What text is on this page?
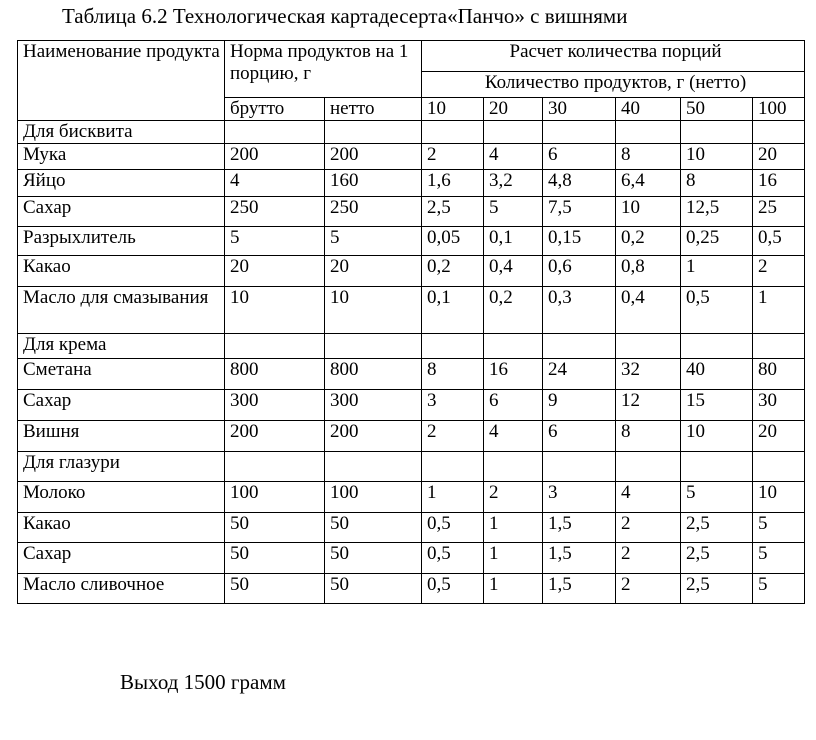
Таблица 6.2 Технологическая картадесерта«Панчо» с вишнями
Наименование продукта	Норма продуктов на 1 порцию, г		Расчет количества порций					
			Количество продуктов, г (нетто)					
	брутто	нетто	10	20	30	40	50	100
Для бисквита								
Мука	200	200	2	4	6	8	10	20
Яйцо	4	160	1,6	3,2	4,8	6,4	8	16
Сахар	250	250	2,5	5	7,5	10	12,5	25
Разрыхлитель	5	5	0,05	0,1	0,15	0,2	0,25	0,5
Какао	20	20	0,2	0,4	0,6	0,8	1	2
Масло для смазывания	10	10	0,1	0,2	0,3	0,4	0,5	1
Для крема								
Сметана	800	800	8	16	24	32	40	80
Сахар	300	300	3	6	9	12	15	30
Вишня	200	200	2	4	6	8	10	20
Для глазури								
Молоко	100	100	1	2	3	4	5	10
Какао	50	50	0,5	1	1,5	2	2,5	5
Сахар	50	50	0,5	1	1,5	2	2,5	5
Масло сливочное	50	50	0,5	1	1,5	2	2,5	5
Выход 1500 грамм
